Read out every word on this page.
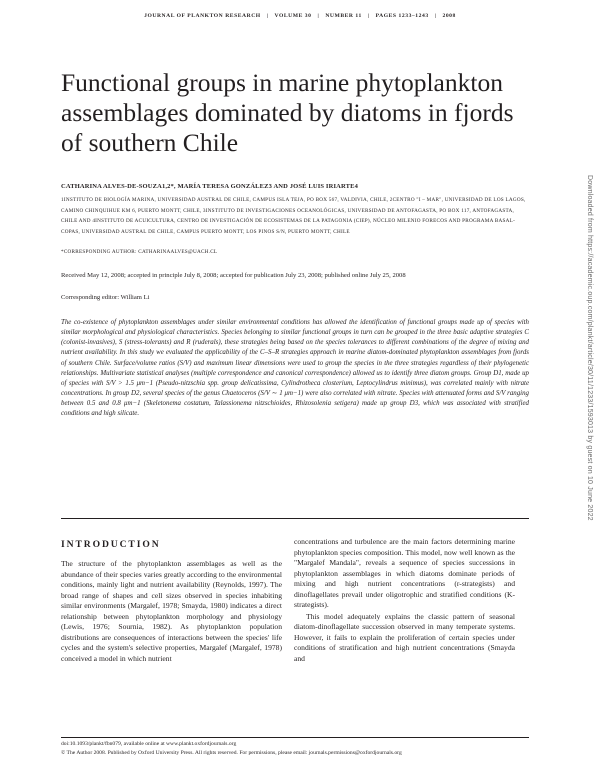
JOURNAL OF PLANKTON RESEARCH | VOLUME 30 | NUMBER 11 | PAGES 1233–1243 | 2008
Functional groups in marine phytoplankton assemblages dominated by diatoms in fjords of southern Chile
CATHARINA ALVES-DE-SOUZA1,2*, MARÍA TERESA GONZÁLEZ3 AND JOSÉ LUIS IRIARTE4
1INSTITUTO DE BIOLOGÍA MARINA, UNIVERSIDAD AUSTRAL DE CHILE, CAMPUS ISLA TEJA, PO BOX 567, VALDIVIA, CHILE, 2CENTRO "I – MAR", UNIVERSIDAD DE LOS LAGOS, CAMINO CHINQUIHUE KM 6, PUERTO MONTT, CHILE, 3INSTITUTO DE INVESTIGACIONES OCEANOLÓGICAS, UNIVERSIDAD DE ANTOFAGASTA, PO BOX 117, ANTOFAGASTA, CHILE AND 4INSTITUTO DE ACUICULTURA, CENTRO DE INVESTIGACIÓN DE ECOSISTEMAS DE LA PATAGONIA (CIEP), NÚCLEO MILENIO FORECOS AND PROGRAMA BASAL-COPAS, UNIVERSIDAD AUSTRAL DE CHILE, CAMPUS PUERTO MONTT, LOS PINOS S/N, PUERTO MONTT, CHILE
*CORRESPONDING AUTHOR: CATHARINAALVES@UACH.CL
Received May 12, 2008; accepted in principle July 8, 2008; accepted for publication July 23, 2008; published online July 25, 2008
Corresponding editor: William Li
The co-existence of phytoplankton assemblages under similar environmental conditions has allowed the identification of functional groups made up of species with similar morphological and physiological characteristics. Species belonging to similar functional groups in turn can be grouped in the three basic adaptive strategies C (colonist-invasives), S (stress-tolerants) and R (ruderals), these strategies being based on the species tolerances to different combinations of the degree of mixing and nutrient availability. In this study we evaluated the applicability of the C–S–R strategies approach in marine diatom-dominated phytoplankton assemblages from fjords of southern Chile. Surface/volume ratios (S/V) and maximum linear dimensions were used to group the species in the three strategies regardless of their phylogenetic relationships. Multivariate statistical analyses (multiple correspondence and canonical correspondence) allowed us to identify three diatom groups. Group D1, made up of species with S/V > 1.5 μm−1 (Pseudo-nitzschia spp. group delicatissima, Cylindrotheca closterium, Leptocylindrus minimus), was correlated mainly with nitrate concentrations. In group D2, several species of the genus Chaetoceros (S/V ∼ 1 μm−1) were also correlated with nitrate. Species with attenuated forms and S/V ranging between 0.5 and 0.8 μm−1 (Skeletonema costatum, Talassionema nitzschioides, Rhizosolenia setigera) made up group D3, which was associated with stratified conditions and high silicate.
INTRODUCTION

The structure of the phytoplankton assemblages as well as the abundance of their species varies greatly according to the environmental conditions, mainly light and nutrient availability (Reynolds, 1997). The broad range of shapes and cell sizes observed in species inhabiting similar environments (Margalef, 1978; Smayda, 1980) indicates a direct relationship between phytoplankton morphology and physiology (Lewis, 1976; Sournia, 1982). As phytoplankton population distributions are consequences of interactions between the species' life cycles and the system's selective properties, Margalef (Margalef, 1978) conceived a model in which nutrient

concentrations and turbulence are the main factors determining marine phytoplankton species composition. This model, now well known as the "Margalef Mandala", reveals a sequence of species successions in phytoplankton assemblages in which diatoms dominate periods of mixing and high nutrient concentrations (r-strategists) and dinoflagellates prevail under oligotrophic and stratified conditions (K-strategists).

This model adequately explains the classic pattern of seasonal diatom-dinoflagellate succession observed in many temperate systems. However, it fails to explain the proliferation of certain species under conditions of stratification and high nutrient concentrations (Smayda and

doi:10.1093/plankt/fbn079, available online at www.plankt.oxfordjournals.org
© The Author 2008. Published by Oxford University Press. All rights reserved. For permissions, please email: journals.permissions@oxfordjournals.org
Downloaded from https://academic.oup.com/plankt/article/30/11/1233/1593013 by guest on 10 June 2022
